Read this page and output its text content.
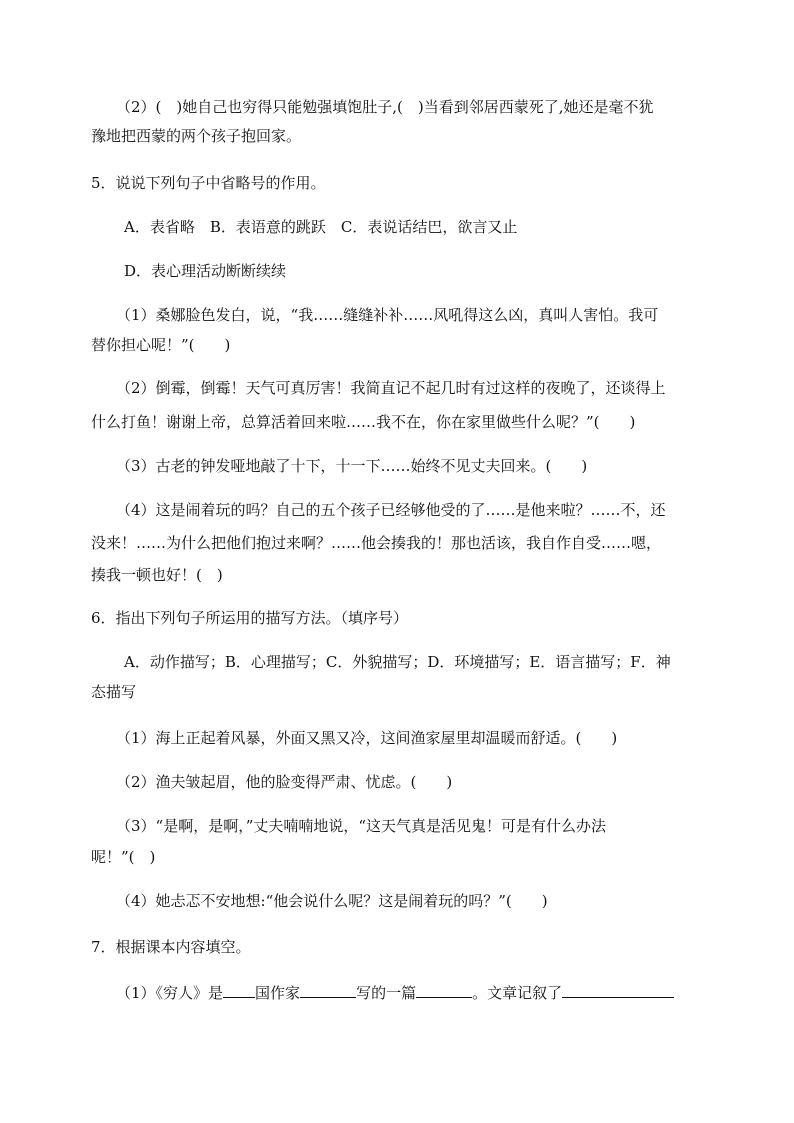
（2）(　)她自己也穷得只能勉强填饱肚子,(　)当看到邻居西蒙死了,她还是毫不犹
豫地把西蒙的两个孩子抱回家。
5．说说下列句子中省略号的作用。
A．表省略　B．表语意的跳跃　C．表说话结巴，欲言又止
D．表心理活动断断续续
（1）桑娜脸色发白，说，“我……缝缝补补……风吼得这么凶，真叫人害怕。我可
替你担心呢！”(　　)
（2）倒霉，倒霉！天气可真厉害！我简直记不起几时有过这样的夜晚了，还谈得上
什么打鱼！谢谢上帝，总算活着回来啦……我不在，你在家里做些什么呢？”(　　)
（3）古老的钟发哑地敲了十下，十一下……始终不见丈夫回来。(　　)
（4）这是闹着玩的吗？自己的五个孩子已经够他受的了……是他来啦？……不，还
没来！……为什么把他们抱过来啊？……他会揍我的！那也活该，我自作自受……嗯，
揍我一顿也好！(　)
6．指出下列句子所运用的描写方法。（填序号）
A．动作描写；B．心理描写；C．外貌描写；D．环境描写；E．语言描写；F．神
态描写
（1）海上正起着风暴，外面又黑又冷，这间渔家屋里却温暖而舒适。(　　)
（2）渔夫皱起眉，他的脸变得严肃、忧虑。(　　)
（3）“是啊，是啊，”丈夫喃喃地说，“这天气真是活见鬼！可是有什么办法
呢！”(　)
（4）她忐忑不安地想:“他会说什么呢？这是闹着玩的吗？”(　　)
7．根据课本内容填空。
（1）《穷人》是 国作家	写的一篇	。文章记叙了
